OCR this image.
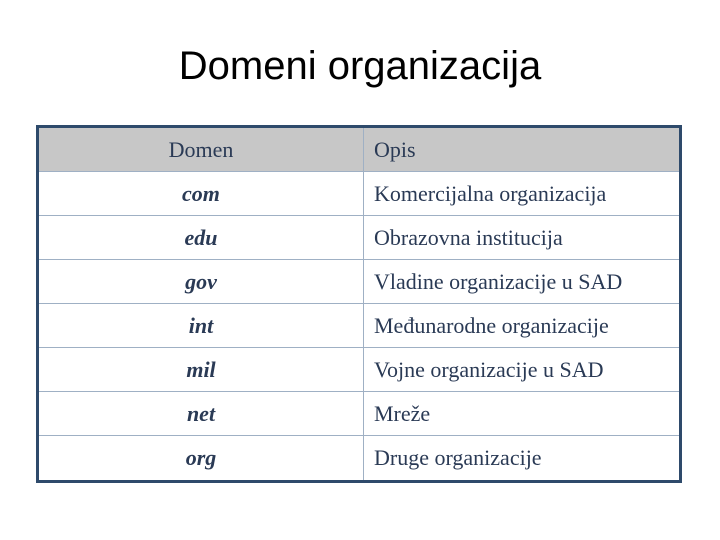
Domeni organizacija
Domen	Opis
com	Komercijalna organizacija
edu	Obrazovna institucija
gov	Vladine organizacije u SAD
int	Međunarodne organizacije
mil	Vojne organizacije u SAD
net	Mreže
org	Druge organizacije
